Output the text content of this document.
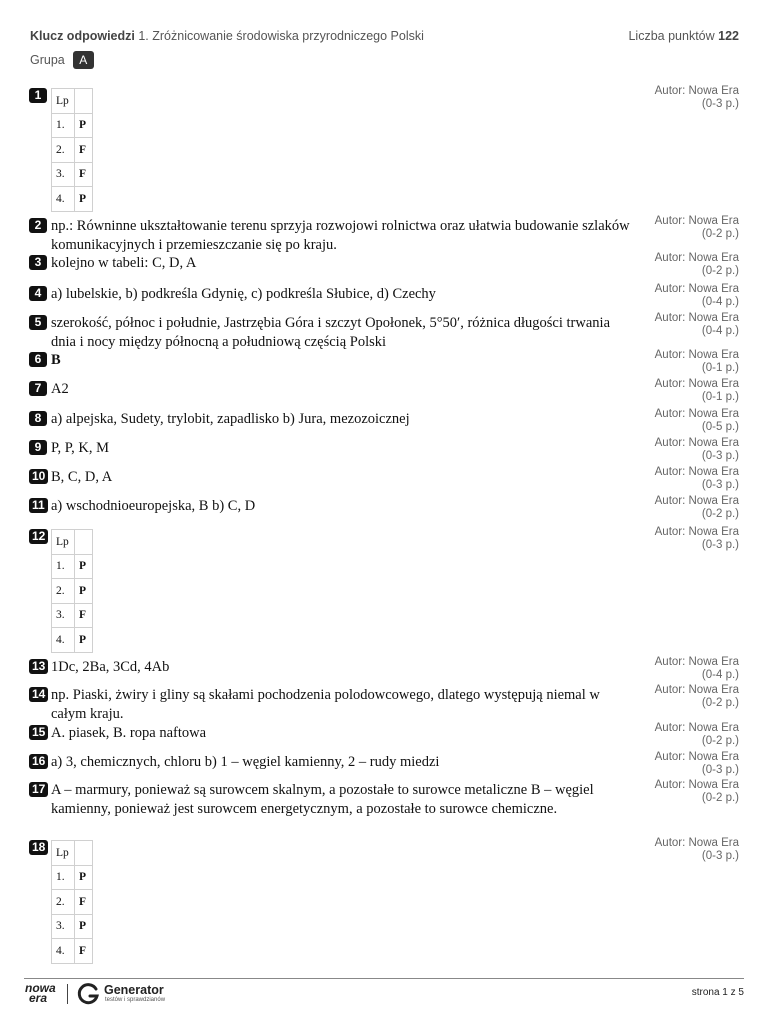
Klucz odpowiedzi 1. Zróżnicowanie środowiska przyrodniczego Polski	Liczba punktów 122
Grupa	A
1	Lp	
1.	P
2.	F
3.	F
4.	P
Autor: Nowa Era
(0-3 p.)
2 np.: Równinne ukształtowanie terenu sprzyja rozwojowi rolnictwa oraz ułatwia budowanie szlaków komunikacyjnych i przemieszczanie się po kraju.
Autor: Nowa Era
(0-2 p.)
3 kolejno w tabeli: C, D, A	Autor: Nowa Era
(0-2 p.)
4 a) lubelskie, b) podkreśla Gdynię, c) podkreśla Słubice, d) Czechy	Autor: Nowa Era
(0-4 p.)
5 szerokość, północ i południe, Jastrzębia Góra i szczyt Opołonek, 5°50′, różnica długości trwania dnia i nocy między północną a południową częścią Polski
Autor: Nowa Era
(0-4 p.)
6 B	Autor: Nowa Era
(0-1 p.)
7 A2	Autor: Nowa Era
(0-1 p.)
8 a) alpejska, Sudety, trylobit, zapadlisko b) Jura, mezozoicznej	Autor: Nowa Era
(0-5 p.)
9 P, P, K, M	Autor: Nowa Era
(0-3 p.)
10 B, C, D, A	Autor: Nowa Era
(0-3 p.)
11 a) wschodnioeuropejska, B b) C, D	Autor: Nowa Era
(0-2 p.)
12 Lp	
1.	P
2.	P
3.	F
4.	P
Autor: Nowa Era
(0-3 p.)
13 1Dc, 2Ba, 3Cd, 4Ab	Autor: Nowa Era
(0-4 p.)
14 np. Piaski, żwiry i gliny są skałami pochodzenia polodowcowego, dlatego występują niemal w całym kraju.
Autor: Nowa Era
(0-2 p.)
15 A. piasek, B. ropa naftowa	Autor: Nowa Era
(0-2 p.)
16 a) 3, chemicznych, chloru b) 1 – węgiel kamienny, 2 – rudy miedzi	Autor: Nowa Era
(0-3 p.)
17 A – marmury, ponieważ są surowcem skalnym, a pozostałe to surowce metaliczne B – węgiel kamienny, ponieważ jest surowcem energetycznym, a pozostałe to surowce chemiczne.
Autor: Nowa Era
(0-2 p.)
18 Lp	
1.	P
2.	F
3.	P
4.	F
Autor: Nowa Era
(0-3 p.)
nowa
era
Generator
testów i sprawdzianów
strona 1 z 5
